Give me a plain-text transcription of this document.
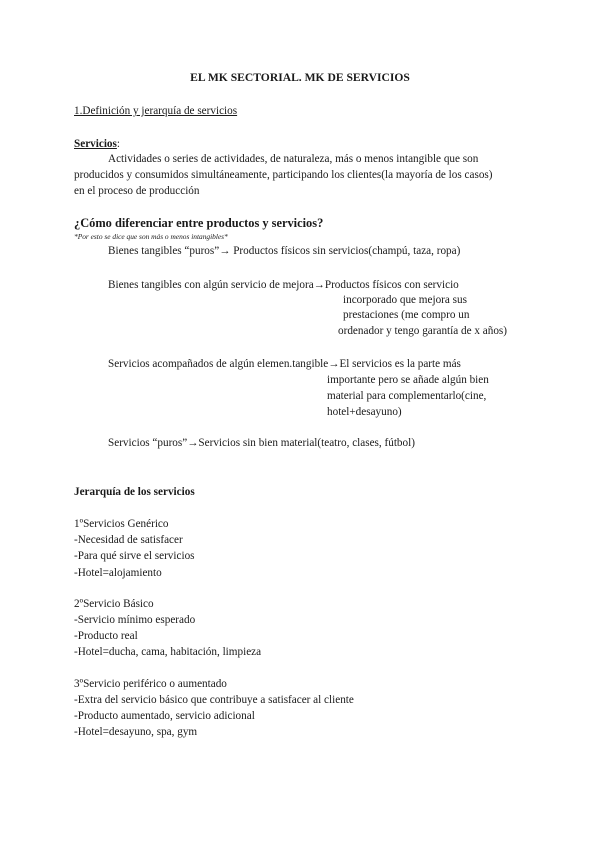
EL MK SECTORIAL. MK DE SERVICIOS
1.Definición y jerarquía de servicios
Servicios:
Actividades o series de actividades, de naturaleza, más o menos intangible que son
producidos y consumidos simultáneamente, participando los clientes(la mayoría de los casos)
en el proceso de producción
¿Cómo diferenciar entre productos y servicios?
*Por esto se dice que son más o menos intangibles*
Bienes tangibles “puros”→ Productos físicos sin servicios(champú, taza, ropa)
Bienes tangibles con algún servicio de mejora→Productos físicos con servicio
incorporado que mejora sus
prestaciones (me compro un
ordenador y tengo garantía de x años)
Servicios acompañados de algún elemen.tangible→El servicios es la parte más
importante pero se añade algún bien
material para complementarlo(cine,
hotel+desayuno)
Servicios “puros”→Servicios sin bien material(teatro, clases, fútbol)
Jerarquía de los servicios
1ºServicios Genérico
-Necesidad de satisfacer
-Para qué sirve el servicios
-Hotel=alojamiento
2ºServicio Básico
-Servicio mínimo esperado
-Producto real
-Hotel=ducha, cama, habitación, limpieza
3ºServicio periférico o aumentado
-Extra del servicio básico que contribuye a satisfacer al cliente
-Producto aumentado, servicio adicional
-Hotel=desayuno, spa, gym
